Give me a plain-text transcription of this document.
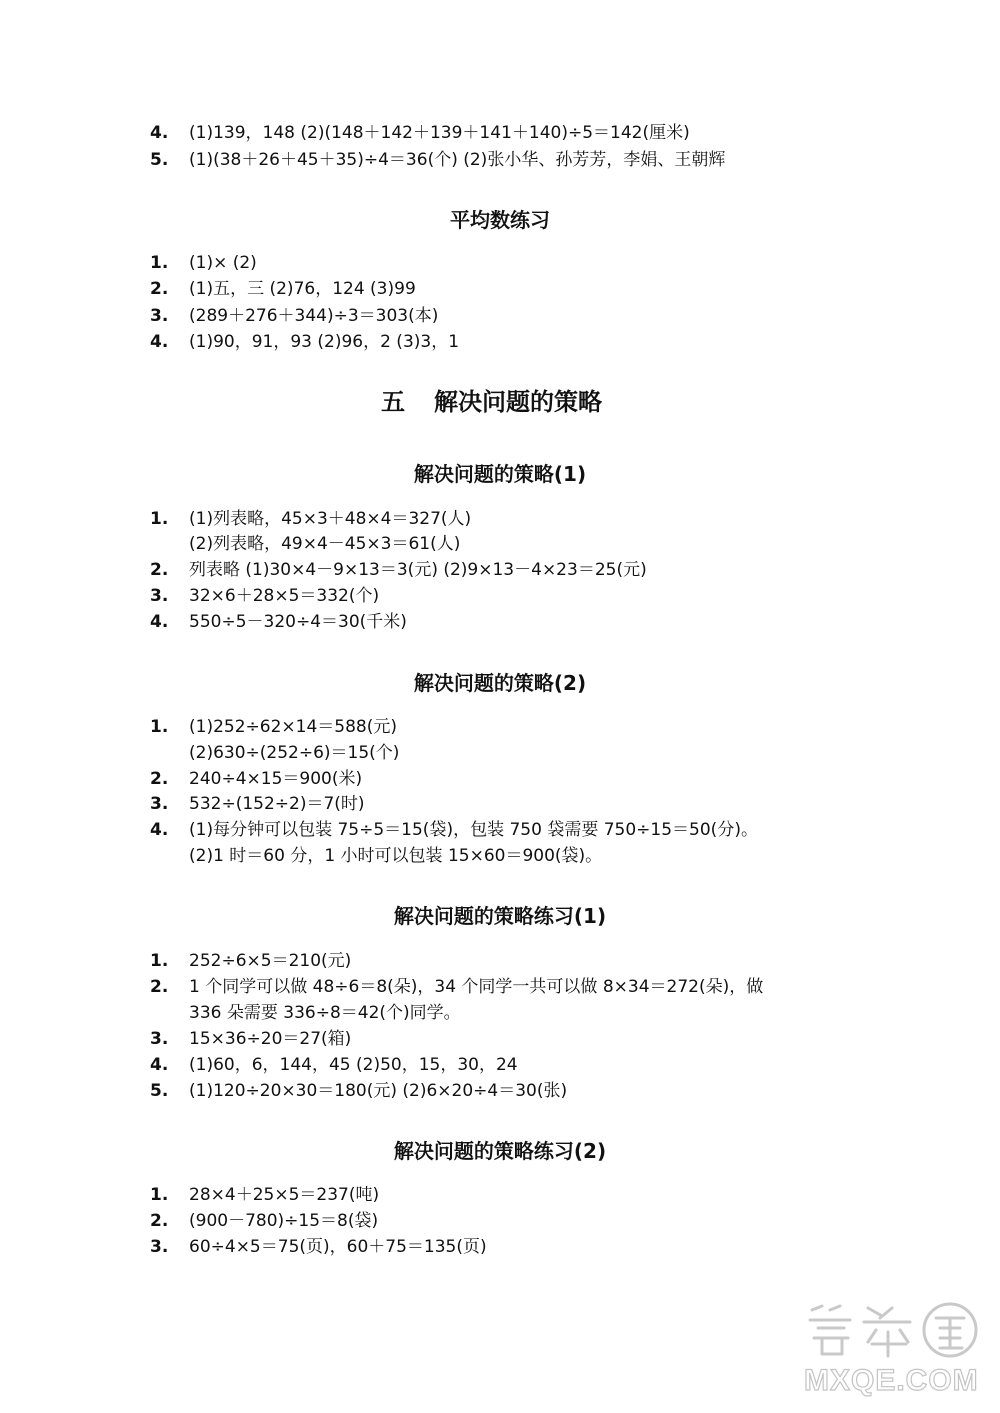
4. (1)139，148 (2)(148＋142＋139＋141＋140)÷5＝142(厘米)
5. (1)(38＋26＋45＋35)÷4＝36(个) (2)张小华、孙芳芳，李娟、王朝辉
平均数练习
1. (1)× (2)
2. (1)五，三 (2)76，124 (3)99
3. (289＋276＋344)÷3＝303(本)
4. (1)90，91，93 (2)96，2 (3)3，1
五 解决问题的策略
解决问题的策略(1)
1. (1)列表略，45×3＋48×4＝327(人)
(2)列表略，49×4－45×3＝61(人)
2. 列表略 (1)30×4－9×13＝3(元) (2)9×13－4×23＝25(元)
3. 32×6＋28×5＝332(个)
4. 550÷5－320÷4＝30(千米)
解决问题的策略(2)
1. (1)252÷62×14＝588(元)
(2)630÷(252÷6)＝15(个)
2. 240÷4×15＝900(米)
3. 532÷(152÷2)＝7(时)
4. (1)每分钟可以包装 75÷5＝15(袋)，包装 750 袋需要 750÷15＝50(分)。
(2)1 时＝60 分，1 小时可以包装 15×60＝900(袋)。
解决问题的策略练习(1)
1. 252÷6×5＝210(元)
2. 1 个同学可以做 48÷6＝8(朵)，34 个同学一共可以做 8×34＝272(朵)，做
336 朵需要 336÷8＝42(个)同学。
3. 15×36÷20＝27(箱)
4. (1)60，6，144，45 (2)50，15，30，24
5. (1)120÷20×30＝180(元) (2)6×20÷4＝30(张)
解决问题的策略练习(2)
1. 28×4＋25×5＝237(吨)
2. (900－780)÷15＝8(袋)
3. 60÷4×5＝75(页)，60＋75＝135(页)
MXQE.COM
